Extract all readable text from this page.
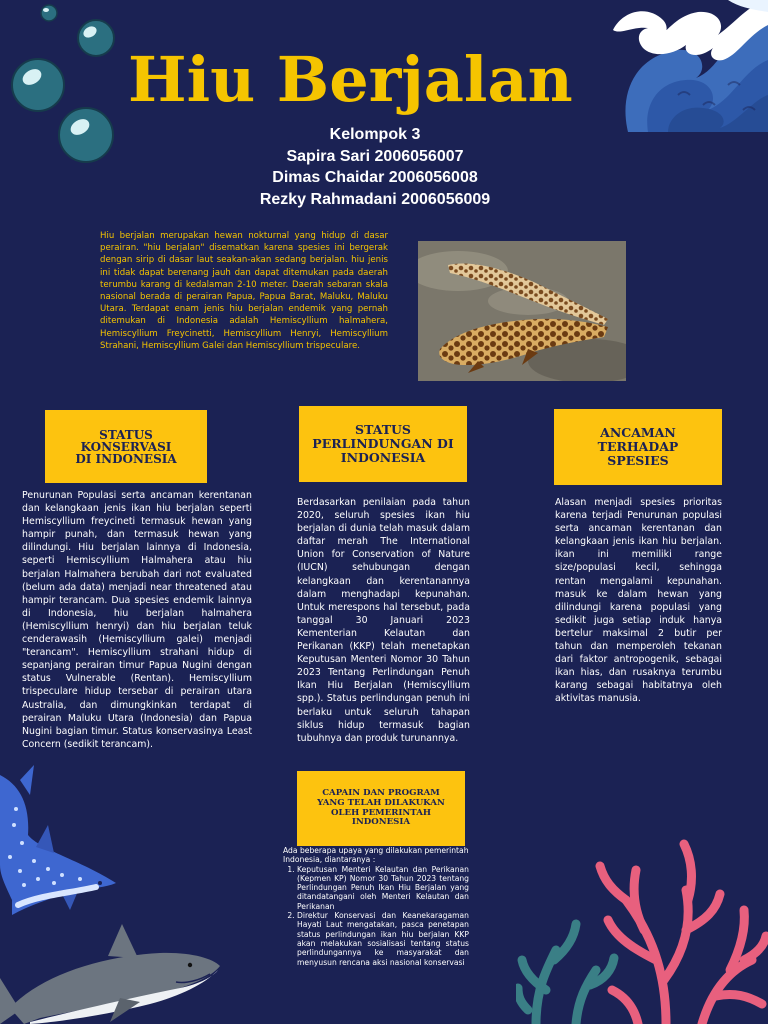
Hiu Berjalan
Kelompok 3
Sapira Sari 2006056007
Dimas Chaidar 2006056008
Rezky Rahmadani 2006056009
Hiu berjalan merupakan hewan nokturnal yang hidup di dasar perairan. "hiu berjalan" disematkan karena spesies ini bergerak dengan sirip di dasar laut seakan-akan sedang berjalan. hiu jenis ini tidak dapat berenang jauh dan dapat ditemukan pada daerah terumbu karang di kedalaman 2-10 meter. Daerah sebaran skala nasional berada di perairan Papua, Papua Barat, Maluku, Maluku Utara. Terdapat enam jenis hiu berjalan endemik yang pernah ditemukan di Indonesia adalah Hemiscyllium halmahera, Hemiscyllium Freycinetti, Hemiscyllium Henryi, Hemiscyllium Strahani, Hemiscyllium Galei dan Hemiscyllium trispeculare.
STATUS
KONSERVASI
DI INDONESIA
STATUS
PERLINDUNGAN DI
INDONESIA
ANCAMAN
TERHADAP
SPESIES
Penurunan Populasi serta ancaman kerentanan dan kelangkaan jenis ikan hiu berjalan seperti Hemiscyllium freycineti termasuk hewan yang hampir punah, dan termasuk hewan yang dilindungi. Hiu berjalan lainnya di Indonesia, seperti Hemiscyllium Halmahera atau hiu berjalan Halmahera berubah dari not evaluated (belum ada data) menjadi near threatened atau hampir terancam. Dua spesies endemik lainnya di Indonesia, hiu berjalan halmahera (Hemiscyllium henryi) dan hiu berjalan teluk cenderawasih (Hemiscyllium galei) menjadi "terancam". Hemiscyllium strahani hidup di sepanjang perairan timur Papua Nugini dengan status Vulnerable (Rentan). Hemiscyllium trispeculare hidup tersebar di perairan utara Australia, dan dimungkinkan terdapat di perairan Maluku Utara (Indonesia) dan Papua Nugini bagian timur. Status konservasinya Least Concern (sedikit terancam).
Berdasarkan penilaian pada tahun 2020, seluruh spesies ikan hiu berjalan di dunia telah masuk dalam daftar merah The International Union for Conservation of Nature (IUCN) sehubungan dengan kelangkaan dan kerentanannya dalam menghadapi kepunahan. Untuk merespons hal tersebut, pada tanggal 30 Januari 2023 Kementerian Kelautan dan Perikanan (KKP) telah menetapkan Keputusan Menteri Nomor 30 Tahun 2023 Tentang Perlindungan Penuh Ikan Hiu Berjalan (Hemiscyllium spp.). Status perlindungan penuh ini berlaku untuk seluruh tahapan siklus hidup termasuk bagian tubuhnya dan produk turunannya.
Alasan menjadi spesies prioritas karena terjadi Penurunan populasi serta ancaman kerentanan dan kelangkaan jenis ikan hiu berjalan. ikan ini memiliki range size/populasi kecil, sehingga rentan mengalami kepunahan. masuk ke dalam hewan yang dilindungi karena populasi yang sedikit juga setiap induk hanya bertelur maksimal 2 butir per tahun dan memperoleh tekanan dari faktor antropogenik, sebagai ikan hias, dan rusaknya terumbu karang sebagai habitatnya oleh aktivitas manusia.
CAPAIN DAN PROGRAM
YANG TELAH DILAKUKAN
OLEH PEMERINTAH
INDONESIA
Ada beberapa upaya yang dilakukan pemerintah Indonesia, diantaranya :
1. Keputusan Menteri Kelautan dan Perikanan (Kepmen KP) Nomor 30 Tahun 2023 tentang Perlindungan Penuh Ikan Hiu Berjalan yang ditandatangani oleh Menteri Kelautan dan Perikanan
2. Direktur Konservasi dan Keanekaragaman Hayati Laut mengatakan, pasca penetapan status perlindungan ikan hiu berjalan KKP akan melakukan sosialisasi tentang status perlindungannya ke masyarakat dan menyusun rencana aksi nasional konservasi
